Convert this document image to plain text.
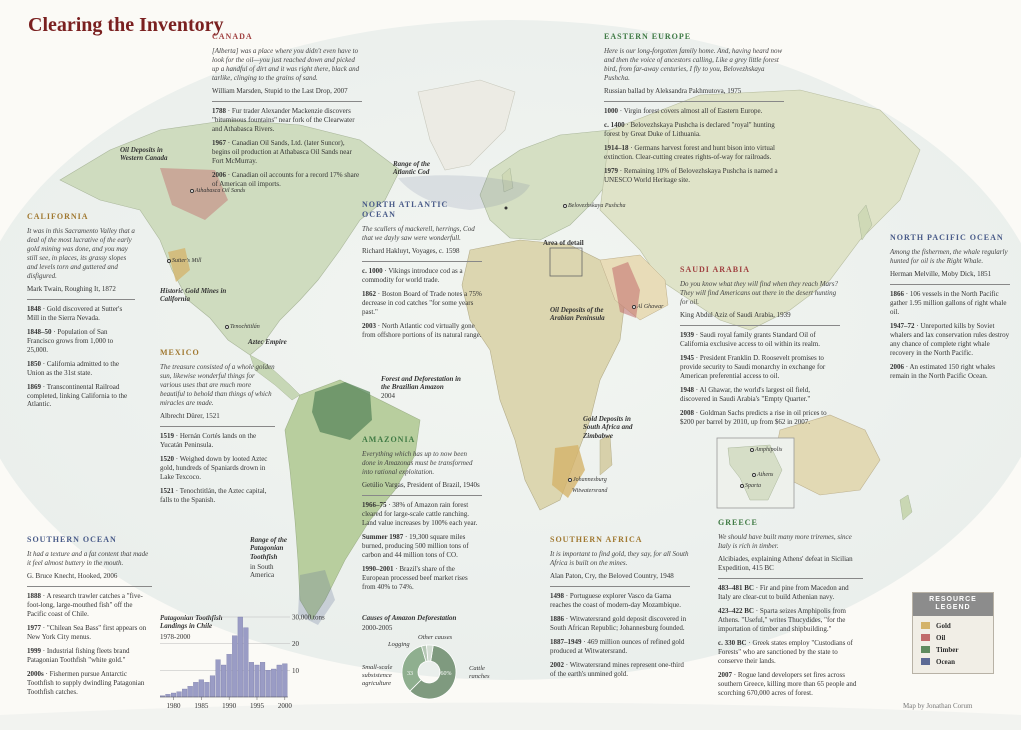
Clearing the Inventory
CANADA
[Alberta] was a place where you didn't even have to look for the oil—you just reached down and picked up a handful of dirt and it was right there, black and tarlike, clinging to the grains of sand.
William Marsden, Stupid to the Last Drop, 2007
1788 · Fur trader Alexander Mackenzie discovers "bituminous fountains" near fork of the Clearwater and Athabasca Rivers.
1967 · Canadian Oil Sands, Ltd. (later Suncor), begins oil production at Athabasca Oil Sands near Fort McMurray.
2006 · Canadian oil accounts for a record 17% share of American oil imports.
EASTERN EUROPE
Here is our long-forgotten family home. And, having heard now and then the voice of ancestors calling, Like a grey little forest bird, from far-away centuries, I fly to you, Belovezhskaya Pushcha.
Russian ballad by Aleksandra Pakhmutova, 1975
1000 · Virgin forest covers almost all of Eastern Europe.
c. 1400 · Belovezhskaya Pushcha is declared "royal" hunting forest by Great Duke of Lithuania.
1914–18 · Germans harvest forest and hunt bison into virtual extinction. Clear-cutting creates rights-of-way for railroads.
1979 · Remaining 10% of Belovezhskaya Pushcha is named a UNESCO World Heritage site.
CALIFORNIA
It was in this Sacramento Valley that a deal of the most lucrative of the early gold mining was done, and you may still see, in places, its grassy slopes and levels torn and guttered and disfigured.
Mark Twain, Roughing It, 1872
1848 · Gold discovered at Sutter's Mill in the Sierra Nevada.
1848–50 · Population of San Francisco grows from 1,000 to 25,000.
1850 · California admitted to the Union as the 31st state.
1869 · Transcontinental Railroad completed, linking California to the Atlantic.
NORTH ATLANTIC OCEAN
The scullers of mackerell, herrings, Cod that we dayly saw were wonderfull.
Richard Hakluyt, Voyages, c. 1598
c. 1000 · Vikings introduce cod as a commodity for world trade.
1862 · Boston Board of Trade notes a 75% decrease in cod catches "for some years past."
2003 · North Atlantic cod virtually gone from offshore portions of its natural range.
SAUDI ARABIA
Do you know what they will find when they reach Mars? They will find Americans out there in the desert hunting for oil.
King Abdul Aziz of Saudi Arabia, 1939
1939 · Saudi royal family grants Standard Oil of California exclusive access to oil within its realm.
1945 · President Franklin D. Roosevelt promises to provide security to Saudi monarchy in exchange for American preferential access to oil.
1948 · Al Ghawar, the world's largest oil field, discovered in Saudi Arabia's "Empty Quarter."
2008 · Goldman Sachs predicts a rise in oil prices to $200 per barrel by 2010, up from $62 in 2007.
NORTH PACIFIC OCEAN
Among the fishermen, the whale regularly hunted for oil is the Right Whale.
Herman Melville, Moby Dick, 1851
1866 · 106 vessels in the North Pacific gather 1.95 million gallons of right whale oil.
1947–72 · Unreported kills by Soviet whalers and lax conservation rules destroy any chance of complete right whale recovery in the North Pacific.
2006 · An estimated 150 right whales remain in the North Pacific Ocean.
MEXICO
The treasure consisted of a whole golden sun, likewise wonderful things for various uses that are much more beautiful to behold than things of which miracles are made.
Albrecht Dürer, 1521
1519 · Hernán Cortés lands on the Yucatán Peninsula.
1520 · Weighed down by looted Aztec gold, hundreds of Spaniards drown in Lake Texcoco.
1521 · Tenochtitlán, the Aztec capital, falls to the Spanish.
AMAZONIA
Everything which has up to now been done in Amazonas must be transformed into rational exploitation.
Getúlio Vargas, President of Brazil, 1940s
1966–75 · 38% of Amazon rain forest cleared for large-scale cattle ranching. Land value increases by 100% each year.
Summer 1987 · 19,300 square miles burned, producing 500 million tons of carbon and 44 million tons of CO.
1990–2001 · Brazil's share of the European processed beef market rises from 40% to 74%.
SOUTHERN OCEAN
It had a texture and a fat content that made it feel almost buttery in the mouth.
G. Bruce Knecht, Hooked, 2006
1888 · A research trawler catches a "five-foot-long, large-mouthed fish" off the Pacific coast of Chile.
1977 · "Chilean Sea Bass" first appears on New York City menus.
1999 · Industrial fishing fleets brand Patagonian Toothfish "white gold."
2000s · Fishermen pursue Antarctic Toothfish to supply dwindling Patagonian Toothfish catches.
SOUTHERN AFRICA
It is important to find gold, they say, for all South Africa is built on the mines.
Alan Paton, Cry, the Beloved Country, 1948
1498 · Portuguese explorer Vasco da Gama reaches the coast of modern-day Mozambique.
1886 · Witwatersrand gold deposit discovered in South African Republic; Johannesburg founded.
1887–1949 · 469 million ounces of refined gold produced at Witwatersrand.
2002 · Witwatersrand mines represent one-third of the earth's unmined gold.
GREECE
We should have built many more triremes, since Italy is rich in timber.
Alcibiades, explaining Athens' defeat in Sicilian Expedition, 415 BC
483–481 BC · Fir and pine from Macedon and Italy are clear-cut to build Athenian navy.
423–422 BC · Sparta seizes Amphipolis from Athens. "Useful," writes Thucydides, "for the importation of timber and shipbuilding."
c. 330 BC · Greek states employ "Custodians of Forests" who are sanctioned by the state to conserve their lands.
2007 · Rogue land developers set fires across southern Greece, killing more than 65 people and scorching 670,000 acres of forest.
Oil Deposits in Western Canada
Athabasca Oil Sands
Sutter's Mill
Historic Gold Mines in California
Tenochtitlán
Aztec Empire
Range of the Atlantic Cod
Belovezhskaya Pushcha
Area of detail
Oil Deposits of the Arabian Peninsula
Al Ghawar
Forest and Deforestation in the Brazilian Amazon
2004
Gold Deposits in South Africa and Zimbabwe
Johannesburg
Witwatersrand
Range of the Patagonian Toothfish
in South America
Amphipolis
Athens
Sparta
Patagonian Toothfish Landings in Chile
1978-2000
30,000 tons
20
10
1980 1985 1990 1995 2000
Causes of Amazon Deforestation
2000-2005
Cattle
ranches
Small-scale
subsistence
agriculture
Logging
Other causes
60%
33
RESOURCE
LEGEND
Gold
Oil
Timber
Ocean
Map by Jonathan Corum
